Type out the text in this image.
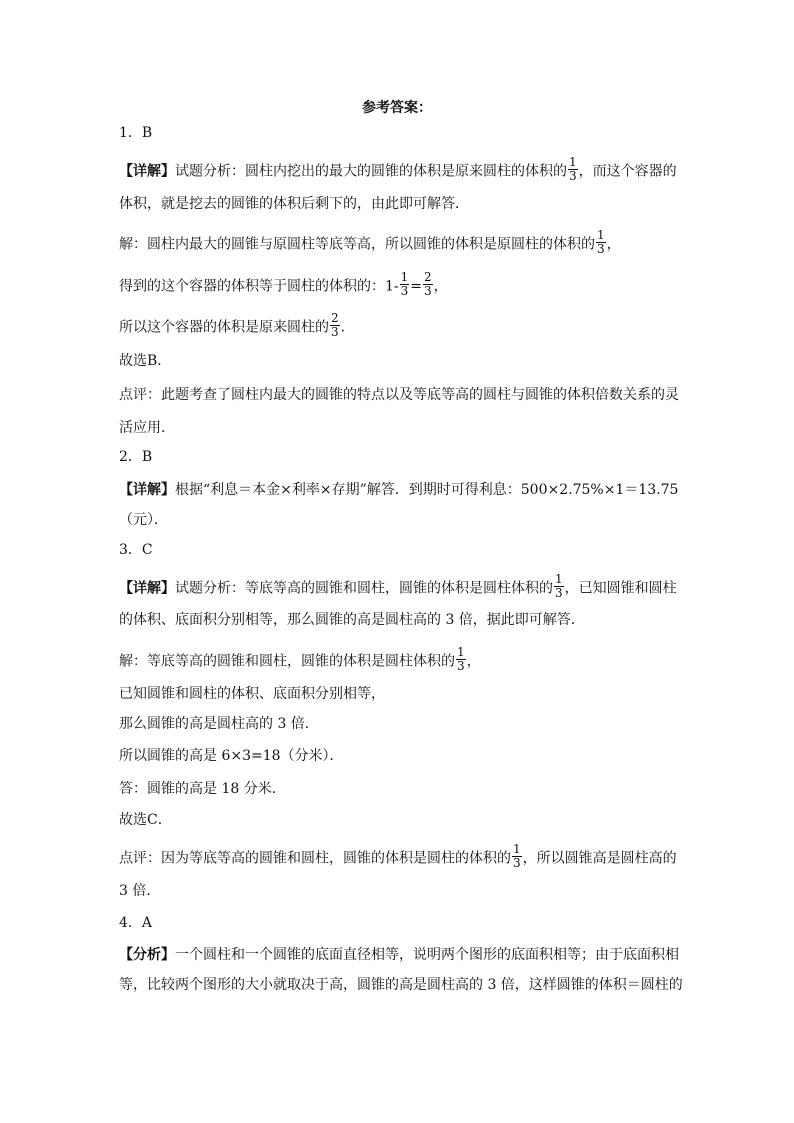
参考答案：
1．B
【详解】试题分析：圆柱内挖出的最大的圆锥的体积是原来圆柱的体积的 $\frac{1}{3}$ ，而这个容器的
体积，就是挖去的圆锥的体积后剩下的，由此即可解答．
解：圆柱内最大的圆锥与原圆柱等底等高，所以圆锥的体积是原圆柱的体积的 $\frac{1}{3}$ ，
得到的这个容器的体积等于圆柱的体积的：$1- \frac{1}{3} = \frac{2}{3}$ ，
所以这个容器的体积是原来圆柱的 $\frac{2}{3}$ ．
故选B．
点评：此题考查了圆柱内最大的圆锥的特点以及等底等高的圆柱与圆锥的体积倍数关系的灵
活应用．
2．B
【详解】根据“利息＝本金×利率×存期”解答．到期时可得利息：500×2.75%×1＝13.75
（元）．
3．C
【详解】试题分析：等底等高的圆锥和圆柱，圆锥的体积是圆柱体积的 $\frac{1}{3}$ ，已知圆锥和圆柱
的体积、底面积分别相等，那么圆锥的高是圆柱高的 3 倍，据此即可解答．
解：等底等高的圆锥和圆柱，圆锥的体积是圆柱体积的 $\frac{1}{3}$ ，
已知圆锥和圆柱的体积、底面积分别相等，
那么圆锥的高是圆柱高的 3 倍．
所以圆锥的高是 6×3=18（分米）．
答：圆锥的高是 18 分米．
故选C．
点评：因为等底等高的圆锥和圆柱，圆锥的体积是圆柱的体积的 $\frac{1}{3}$ ，所以圆锥高是圆柱高的
3 倍．
4．A
【分析】一个圆柱和一个圆锥的底面直径相等，说明两个图形的底面积相等；由于底面积相
等，比较两个图形的大小就取决于高，圆锥的高是圆柱高的 3 倍，这样圆锥的体积＝圆柱的
